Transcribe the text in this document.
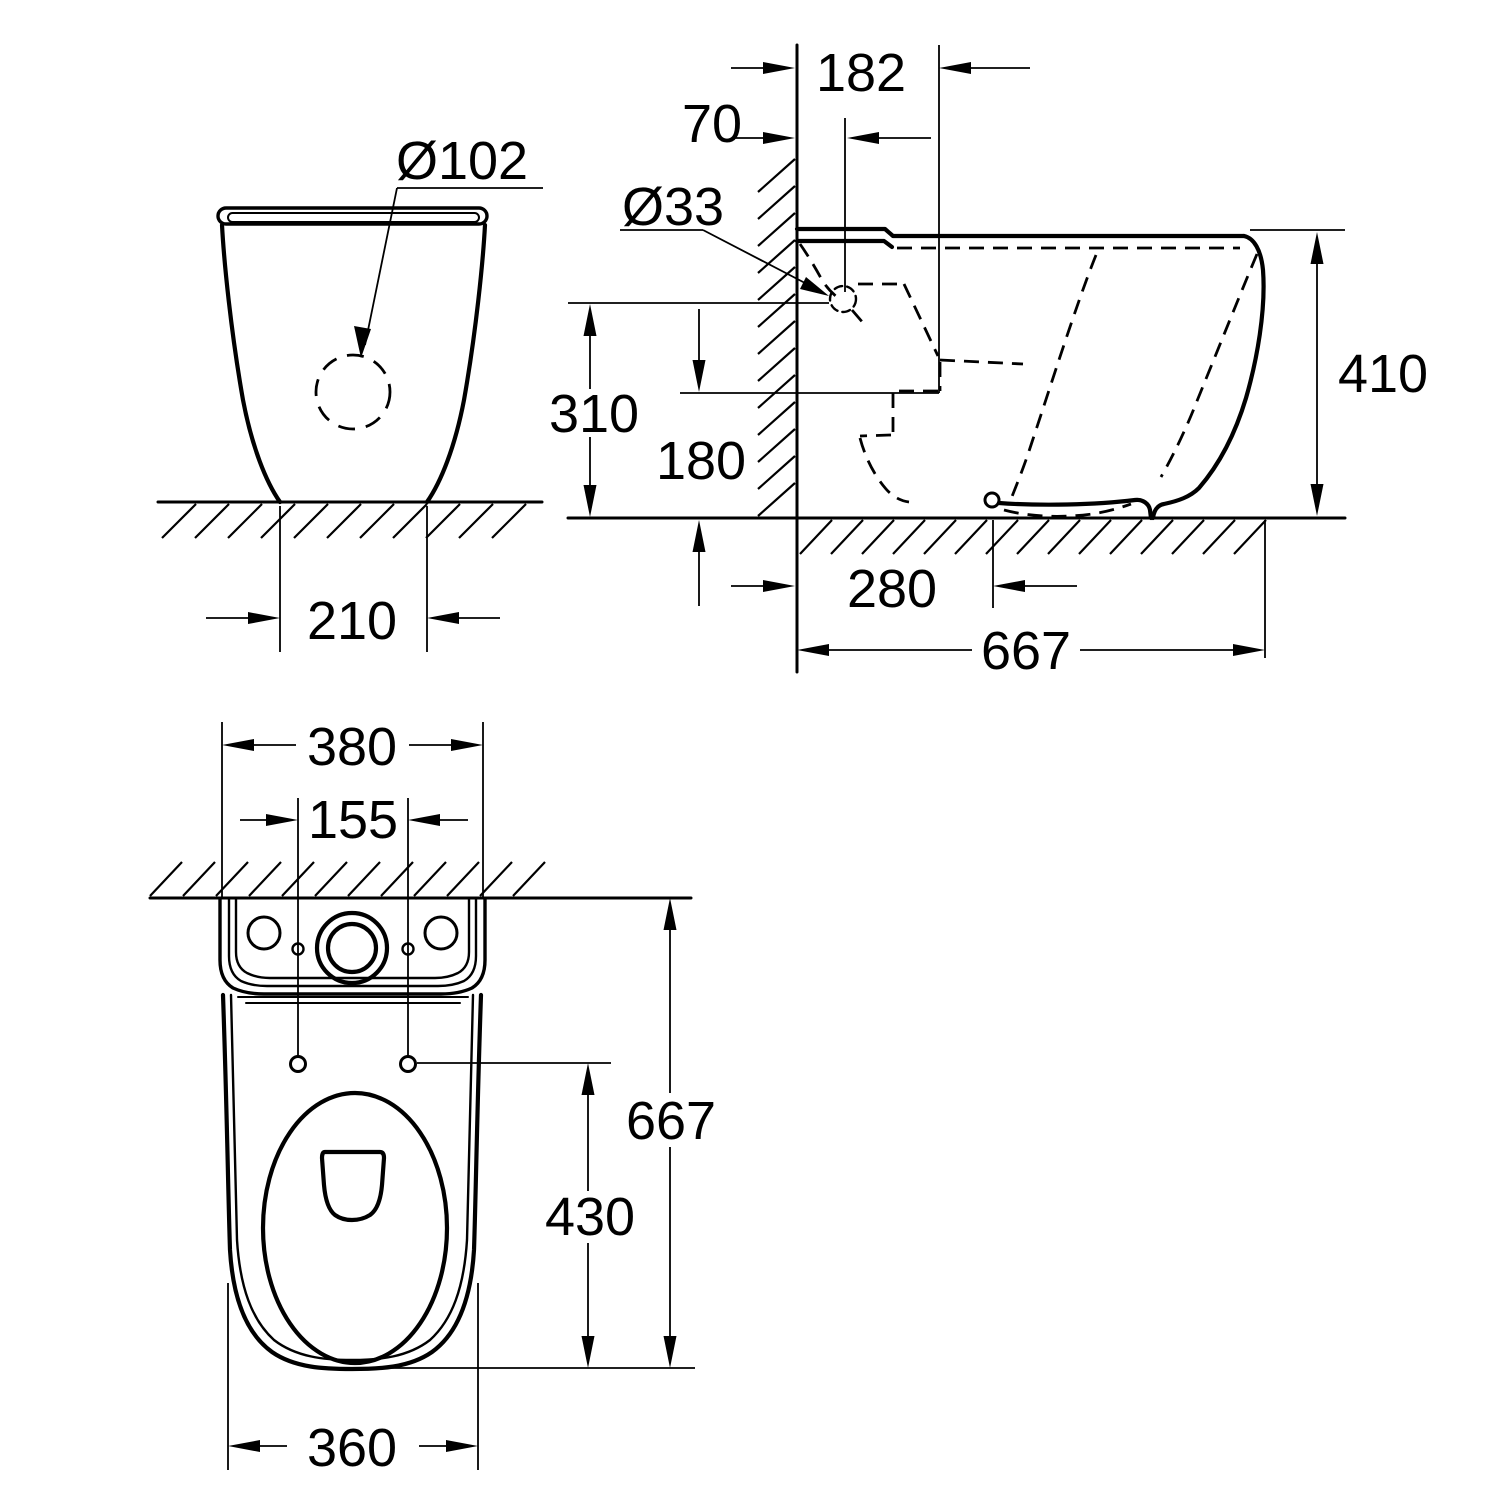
Ø102
210
182
70
Ø33
310
180
410
280
667
380
155
667
430
360
